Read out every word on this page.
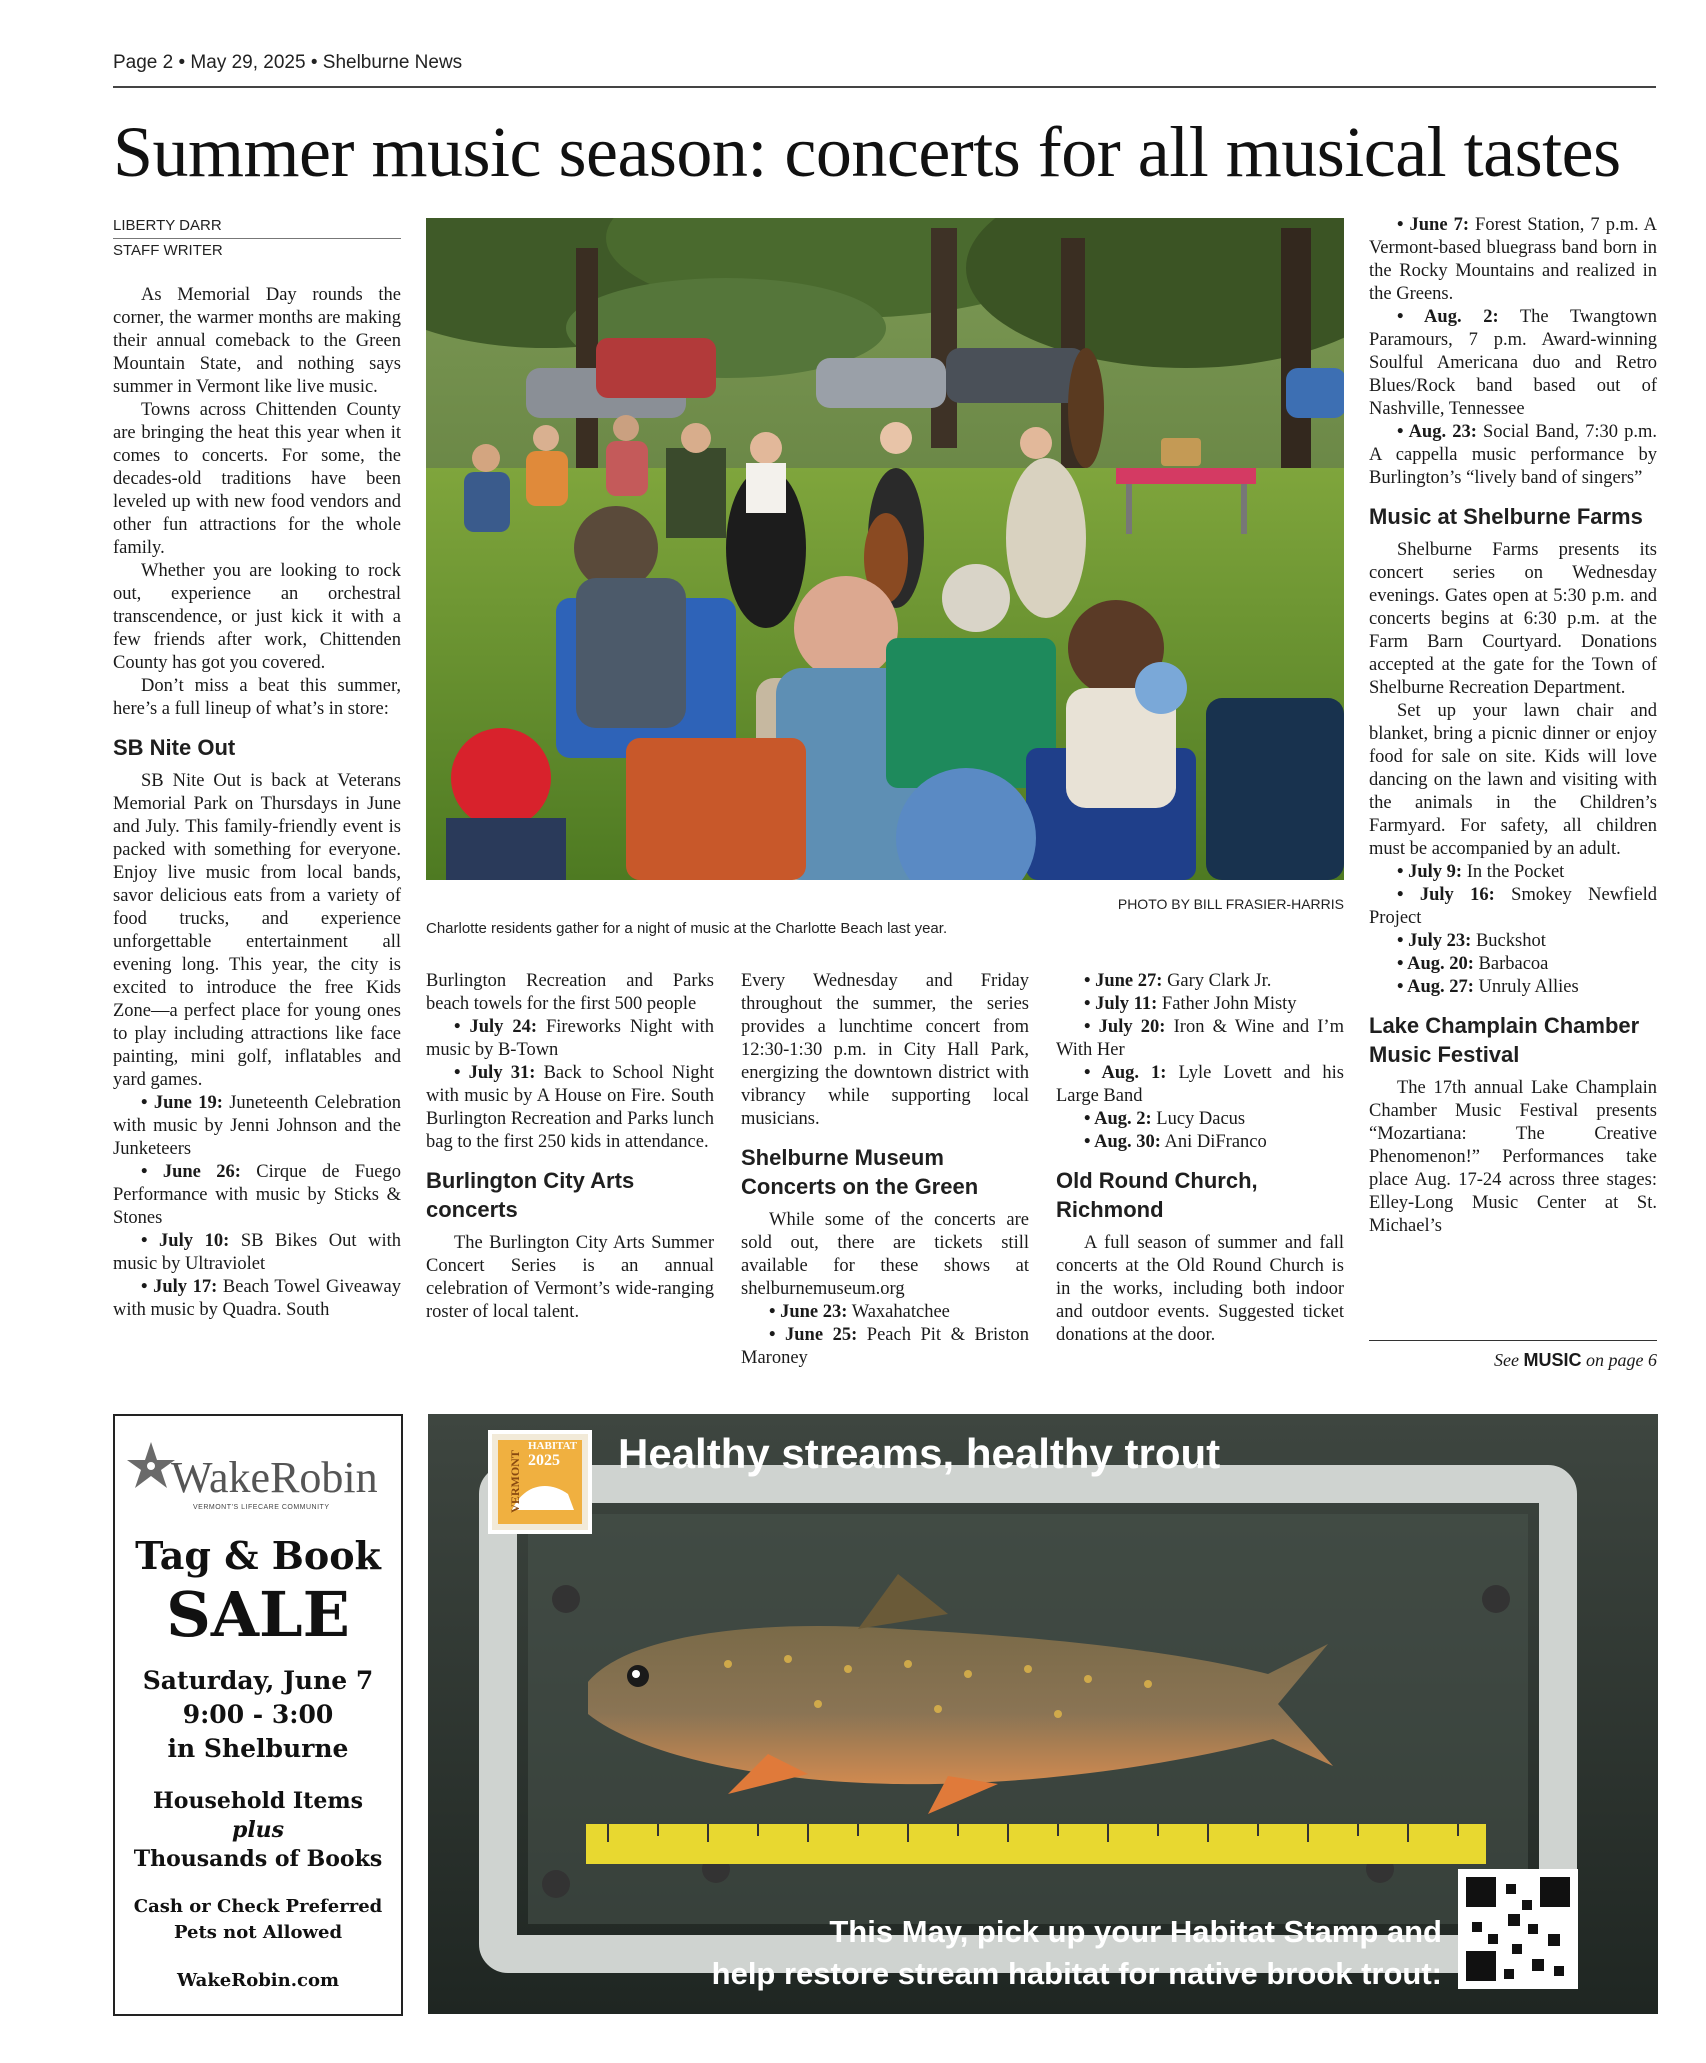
Page 2 • May 29, 2025 • Shelburne News
Summer music season: concerts for all musical tastes
LIBERTY DARR
STAFF WRITER

As Memorial Day rounds the corner, the warmer months are making their annual comeback to the Green Mountain State, and nothing says summer in Vermont like live music.

Towns across Chittenden County are bringing the heat this year when it comes to concerts. For some, the decades-old traditions have been leveled up with new food vendors and other fun attractions for the whole family.

Whether you are looking to rock out, experience an orchestral transcendence, or just kick it with a few friends after work, Chittenden County has got you covered.

Don’t miss a beat this summer, here’s a full lineup of what’s in store:

SB Nite Out

SB Nite Out is back at Veterans Memorial Park on Thursdays in June and July. This family-friendly event is packed with something for everyone. Enjoy live music from local bands, savor delicious eats from a variety of food trucks, and experience unforgettable entertainment all evening long. This year, the city is excited to introduce the free Kids Zone—a perfect place for young ones to play including attractions like face painting, mini golf, inflatables and yard games.

• June 19: Juneteenth Celebration with music by Jenni Johnson and the Junketeers

• June 26: Cirque de Fuego Performance with music by Sticks & Stones

• July 10: SB Bikes Out with music by Ultraviolet

• July 17: Beach Towel Giveaway with music by Quadra. South

PHOTO BY BILL FRASIER-HARRIS
Charlotte residents gather for a night of music at the Charlotte Beach last year.

Burlington Recreation and Parks beach towels for the first 500 people

• July 24: Fireworks Night with music by B-Town

• July 31: Back to School Night with music by A House on Fire. South Burlington Recreation and Parks lunch bag to the first 250 kids in attendance.

Burlington City Arts concerts

The Burlington City Arts Summer Concert Series is an annual celebration of Vermont’s wide-ranging roster of local talent.

Every Wednesday and Friday throughout the summer, the series provides a lunchtime concert from 12:30-1:30 p.m. in City Hall Park, energizing the downtown district with vibrancy while supporting local musicians.

Shelburne Museum Concerts on the Green

While some of the concerts are sold out, there are tickets still available for these shows at shelburnemuseum.org

• June 23: Waxahatchee

• June 25: Peach Pit & Briston Maroney

• June 27: Gary Clark Jr.

• July 11: Father John Misty

• July 20: Iron & Wine and I’m With Her

• Aug. 1: Lyle Lovett and his Large Band

• Aug. 2: Lucy Dacus

• Aug. 30: Ani DiFranco

Old Round Church, Richmond

A full season of summer and fall concerts at the Old Round Church is in the works, including both indoor and outdoor events. Suggested ticket donations at the door.

• June 7: Forest Station, 7 p.m. A Vermont-based bluegrass band born in the Rocky Mountains and realized in the Greens.

• Aug. 2: The Twangtown Paramours, 7 p.m. Award-winning Soulful Americana duo and Retro Blues/Rock band based out of Nashville, Tennessee

• Aug. 23: Social Band, 7:30 p.m. A cappella music performance by Burlington’s “lively band of singers”

Music at Shelburne Farms

Shelburne Farms presents its concert series on Wednesday evenings. Gates open at 5:30 p.m. and concerts begins at 6:30 p.m. at the Farm Barn Courtyard. Donations accepted at the gate for the Town of Shelburne Recreation Department.

Set up your lawn chair and blanket, bring a picnic dinner or enjoy food for sale on site. Kids will love dancing on the lawn and visiting with the animals in the Children’s Farmyard. For safety, all children must be accompanied by an adult.

• July 9: In the Pocket

• July 16: Smokey Newfield Project

• July 23: Buckshot

• Aug. 20: Barbacoa

• Aug. 27: Unruly Allies

Lake Champlain Chamber Music Festival

The 17th annual Lake Champlain Chamber Music Festival presents “Mozartiana: The Creative Phenomenon!” Performances take place Aug. 17-24 across three stages: Elley-Long Music Center at St. Michael’s

See MUSIC on page 6
WakeRobin
VERMONT’S LIFECARE COMMUNITY
Tag & Book
SALE
Saturday, June 7
9:00 - 3:00
in Shelburne
Household Items
plus
Thousands of Books
Cash or Check Preferred
Pets not Allowed
WakeRobin.com
VERMONT
HABITAT
2025 Healthy streams, healthy trout
This May, pick up your Habitat Stamp and
help restore stream habitat for native brook trout:
